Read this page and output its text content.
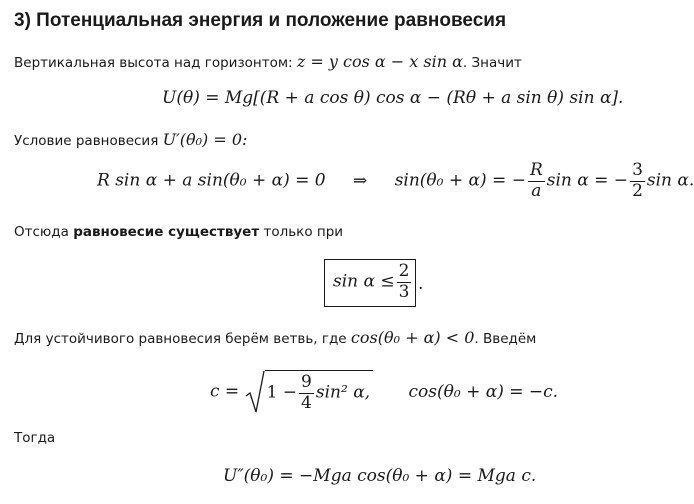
3) Потенциальная энергия и положение равновесия
Вертикальная высота над горизонтом: z = y cos α − x sin α. Значит
U(θ) = Mg[(R + a cos θ) cos α − (Rθ + a sin θ) sin α].
Условие равновесия U′(θ₀) = 0:
R sin α + a sin(θ₀ + α) = 0 ⇒ sin(θ₀ + α) = − $\frac{R}{a}$ sin α = − $\frac{3}{2}$ sin α.
Отсюда равновесие существует только при
$\sin \alpha \le \frac{2}{3}$ .
Для устойчивого равновесия берём ветвь, где cos(θ₀ + α) < 0. Введём
$c = 1 - \frac{9}{4} \sin^2$ α, cos(θ₀ + α) = −c.
Тогда
U″(θ₀) = −Mga cos(θ₀ + α) = Mga c.
